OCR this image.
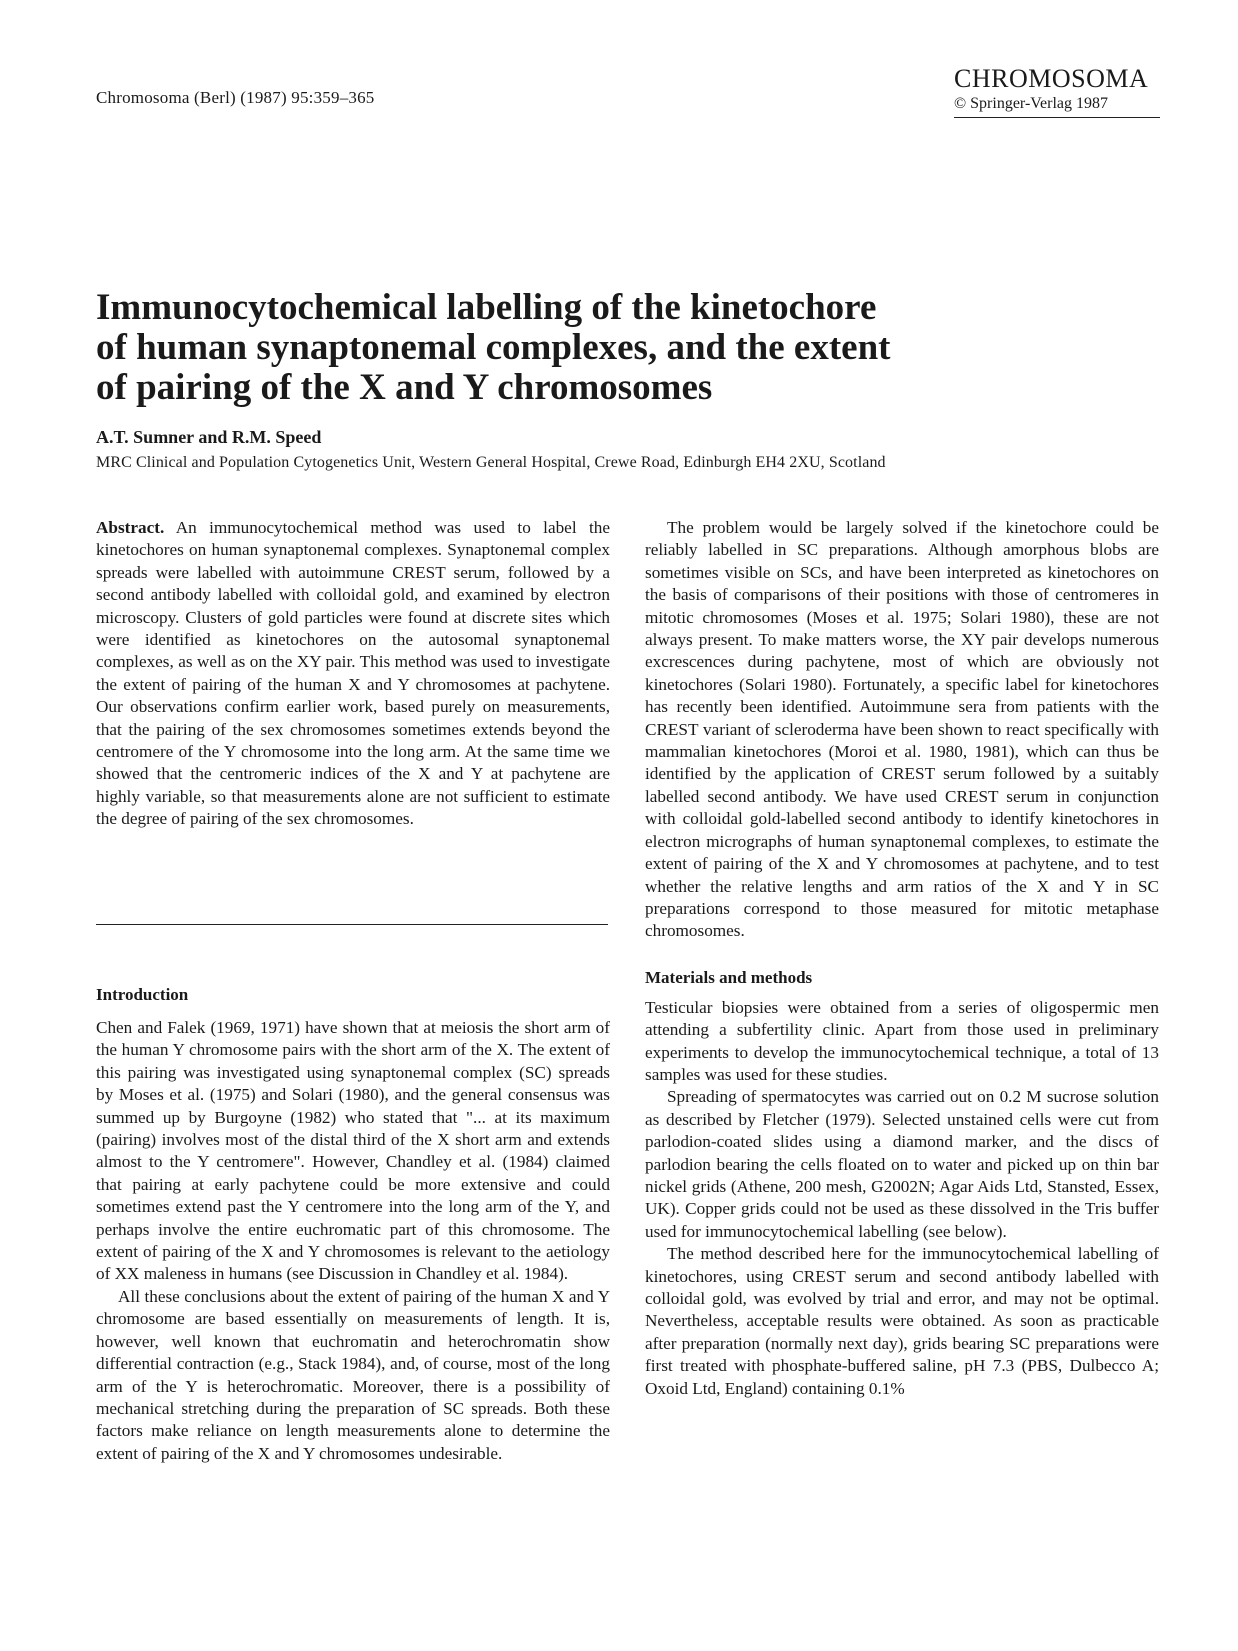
Chromosoma (Berl) (1987) 95:359–365
CHROMOSOMA
© Springer-Verlag 1987
Immunocytochemical labelling of the kinetochore
of human synaptonemal complexes, and the extent
of pairing of the X and Y chromosomes
A.T. Sumner and R.M. Speed
MRC Clinical and Population Cytogenetics Unit, Western General Hospital, Crewe Road, Edinburgh EH4 2XU, Scotland

Abstract. An immunocytochemical method was used to label the kinetochores on human synaptonemal complexes. Synaptonemal complex spreads were labelled with autoimmune CREST serum, followed by a second antibody labelled with colloidal gold, and examined by electron microscopy. Clusters of gold particles were found at discrete sites which were identified as kinetochores on the autosomal synaptonemal complexes, as well as on the XY pair. This method was used to investigate the extent of pairing of the human X and Y chromosomes at pachytene. Our observations confirm earlier work, based purely on measurements, that the pairing of the sex chromosomes sometimes extends beyond the centromere of the Y chromosome into the long arm. At the same time we showed that the centromeric indices of the X and Y at pachytene are highly variable, so that measurements alone are not sufficient to estimate the degree of pairing of the sex chromosomes.

Introduction

Chen and Falek (1969, 1971) have shown that at meiosis the short arm of the human Y chromosome pairs with the short arm of the X. The extent of this pairing was investigated using synaptonemal complex (SC) spreads by Moses et al. (1975) and Solari (1980), and the general consensus was summed up by Burgoyne (1982) who stated that "... at its maximum (pairing) involves most of the distal third of the X short arm and extends almost to the Y centromere". However, Chandley et al. (1984) claimed that pairing at early pachytene could be more extensive and could sometimes extend past the Y centromere into the long arm of the Y, and perhaps involve the entire euchromatic part of this chromosome. The extent of pairing of the X and Y chromosomes is relevant to the aetiology of XX maleness in humans (see Discussion in Chandley et al. 1984).

All these conclusions about the extent of pairing of the human X and Y chromosome are based essentially on measurements of length. It is, however, well known that euchromatin and heterochromatin show differential contraction (e.g., Stack 1984), and, of course, most of the long arm of the Y is heterochromatic. Moreover, there is a possibility of mechanical stretching during the preparation of SC spreads. Both these factors make reliance on length measurements alone to determine the extent of pairing of the X and Y chromosomes undesirable.

The problem would be largely solved if the kinetochore could be reliably labelled in SC preparations. Although amorphous blobs are sometimes visible on SCs, and have been interpreted as kinetochores on the basis of comparisons of their positions with those of centromeres in mitotic chromosomes (Moses et al. 1975; Solari 1980), these are not always present. To make matters worse, the XY pair develops numerous excrescences during pachytene, most of which are obviously not kinetochores (Solari 1980). Fortunately, a specific label for kinetochores has recently been identified. Autoimmune sera from patients with the CREST variant of scleroderma have been shown to react specifically with mammalian kinetochores (Moroi et al. 1980, 1981), which can thus be identified by the application of CREST serum followed by a suitably labelled second antibody. We have used CREST serum in conjunction with colloidal gold-labelled second antibody to identify kinetochores in electron micrographs of human synaptonemal complexes, to estimate the extent of pairing of the X and Y chromosomes at pachytene, and to test whether the relative lengths and arm ratios of the X and Y in SC preparations correspond to those measured for mitotic metaphase chromosomes.

Materials and methods

Testicular biopsies were obtained from a series of oligospermic men attending a subfertility clinic. Apart from those used in preliminary experiments to develop the immunocytochemical technique, a total of 13 samples was used for these studies.

Spreading of spermatocytes was carried out on 0.2 M sucrose solution as described by Fletcher (1979). Selected unstained cells were cut from parlodion-coated slides using a diamond marker, and the discs of parlodion bearing the cells floated on to water and picked up on thin bar nickel grids (Athene, 200 mesh, G2002N; Agar Aids Ltd, Stansted, Essex, UK). Copper grids could not be used as these dissolved in the Tris buffer used for immunocytochemical labelling (see below).

The method described here for the immunocytochemical labelling of kinetochores, using CREST serum and second antibody labelled with colloidal gold, was evolved by trial and error, and may not be optimal. Nevertheless, acceptable results were obtained. As soon as practicable after preparation (normally next day), grids bearing SC preparations were first treated with phosphate-buffered saline, pH 7.3 (PBS, Dulbecco A; Oxoid Ltd, England) containing 0.1%
